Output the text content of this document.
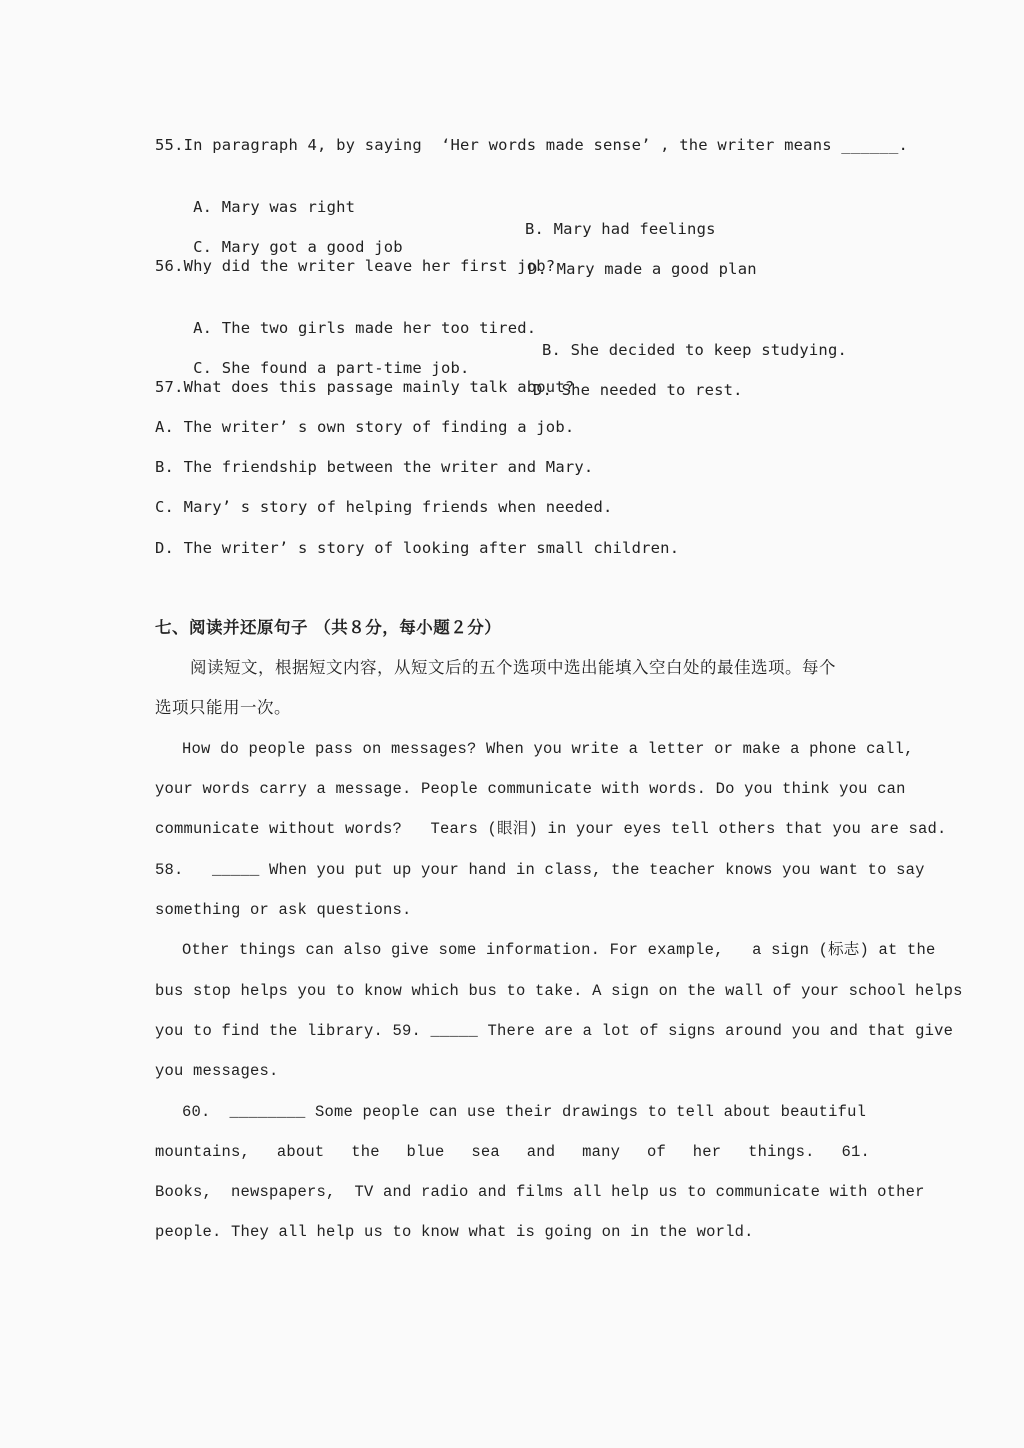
55.In paragraph 4, by saying  ‘Her words made sense’ , the writer means ______.

A. Mary was right

B. Mary had feelings

C. Mary got a good job

D. Mary made a good plan

56.Why did the writer leave her first job?

A. The two girls made her too tired.

B. She decided to keep studying.

C. She found a part-time job.

D. She needed to rest.

57.What does this passage mainly talk about?
A. The writer’ s own story of finding a job.
B. The friendship between the writer and Mary.
C. Mary’ s story of helping friends when needed.
D. The writer’ s story of looking after small children.
七、阅读并还原句子 （共８分，每小题２分）
阅读短文，根据短文内容，从短文后的五个选项中选出能填入空白处的最佳选项。每个
选项只能用一次。
How do people pass on messages? When you write a letter or make a phone call,
your words carry a message. People communicate with words. Do you think you can
communicate without words?   Tears (眼泪) in your eyes tell others that you are sad.
58.   _____ When you put up your hand in class, the teacher knows you want to say
something or ask questions.
Other things can also give some information. For example,   a sign (标志) at the
bus stop helps you to know which bus to take. A sign on the wall of your school helps
you to find the library. 59. _____ There are a lot of signs around you and that give
you messages.
60.  ________ Some people can use their drawings to tell about beautiful
mountains, about the blue sea and many of her things. 61.
Books,  newspapers,  TV and radio and films all help us to communicate with other
people. They all help us to know what is going on in the world.
